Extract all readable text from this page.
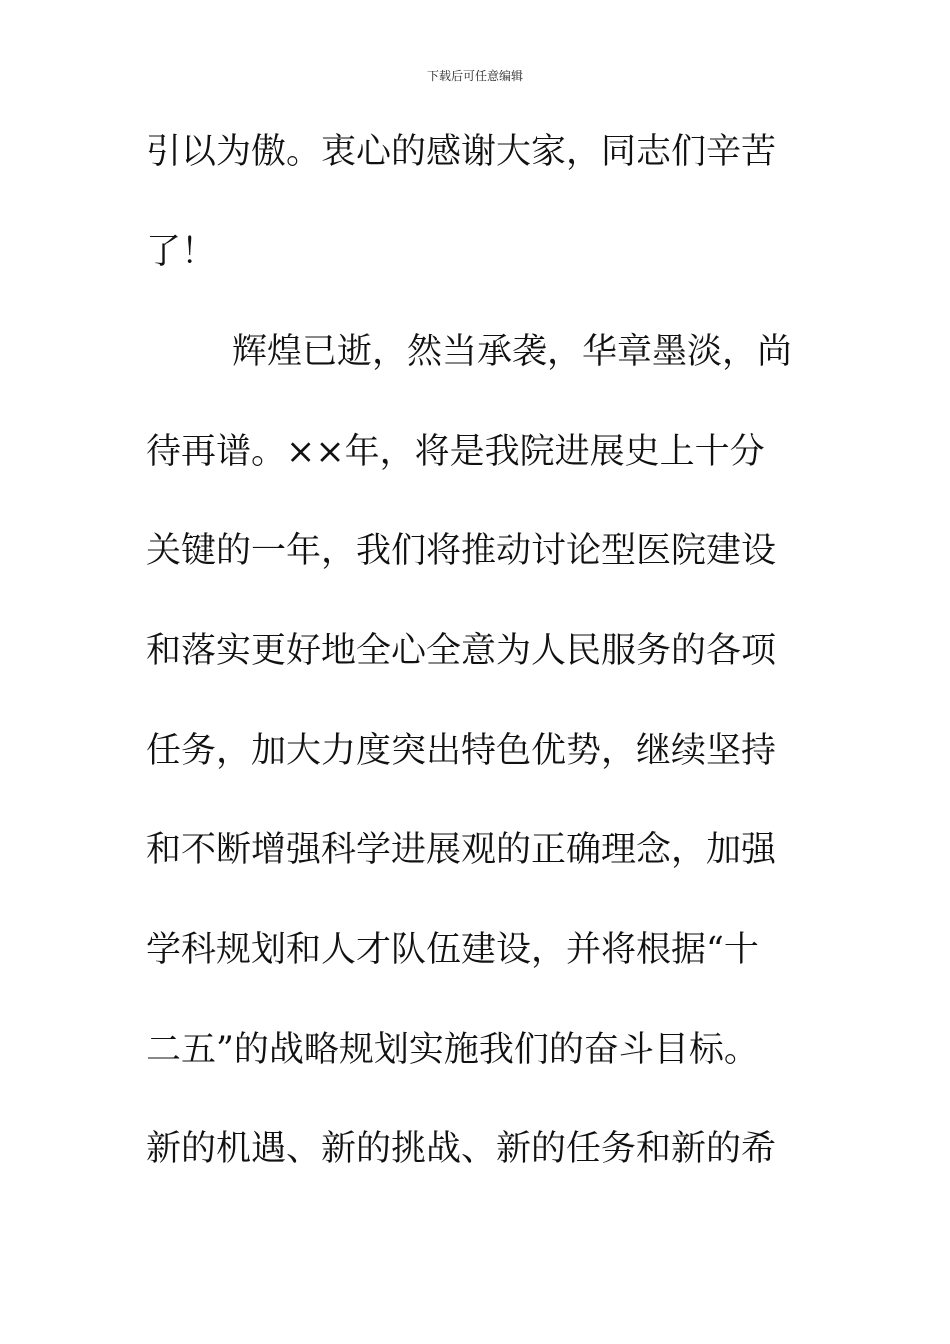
下载后可任意编辑
引以为傲。衷心的感谢大家，同志们辛苦
了！
辉煌已逝，然当承袭，华章墨淡，尚
待再谱。××年，将是我院进展史上十分
关键的一年，我们将推动讨论型医院建设
和落实更好地全心全意为人民服务的各项
任务，加大力度突出特色优势，继续坚持
和不断增强科学进展观的正确理念，加强
学科规划和人才队伍建设，并将根据“十
二五”的战略规划实施我们的奋斗目标。
新的机遇、新的挑战、新的任务和新的希
